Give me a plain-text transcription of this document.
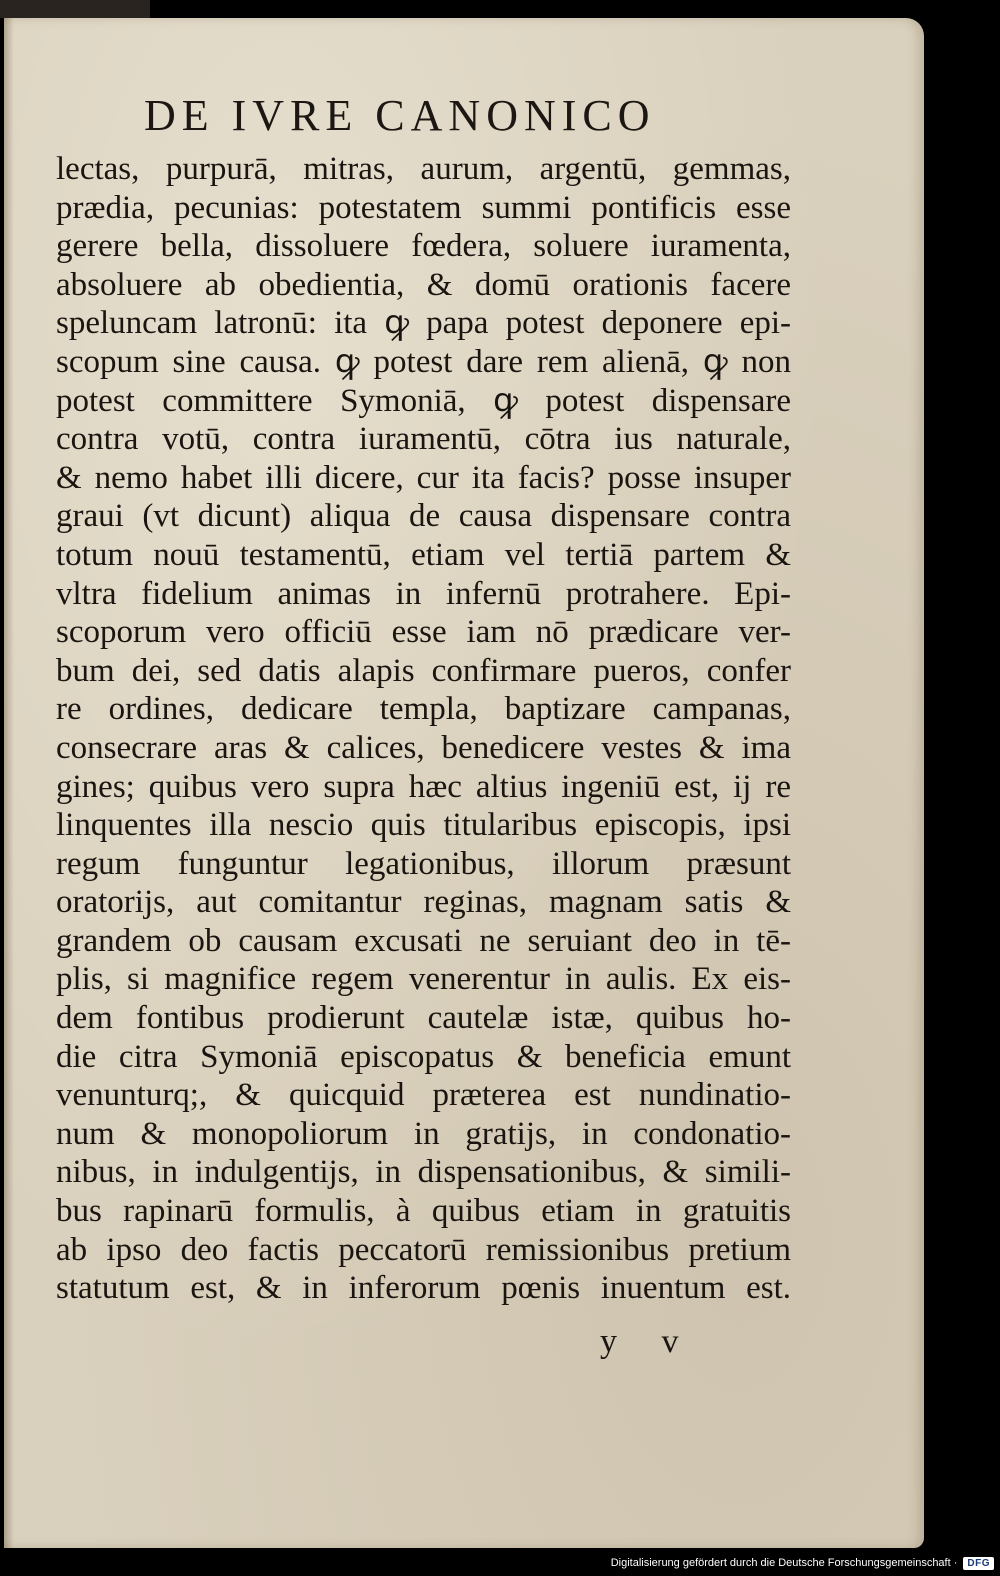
DE IVRE CANONICO
lectas, purpurā, mitras, aurum, argentū, gemmas,
prædia, pecunias: potestatem summi pontificis esse
gerere bella, dissoluere fœdera, soluere iuramenta,
absoluere ab obedientia, & domū orationis facere
speluncam latronū: ita ꝙ papa potest deponere epi-
scopum sine causa. ꝙ potest dare rem alienā, ꝙ non
potest committere Symoniā, ꝙ potest dispensare
contra votū, contra iuramentū, cōtra ius naturale,
& nemo habet illi dicere, cur ita facis? posse insuper
graui (vt dicunt) aliqua de causa dispensare contra
totum nouū testamentū, etiam vel tertiā partem &
vltra fidelium animas in infernū protrahere. Epi-
scoporum vero officiū esse iam nō prædicare ver-
bum dei, sed datis alapis confirmare pueros, confer
re ordines, dedicare templa, baptizare campanas,
consecrare aras & calices, benedicere vestes & ima
gines; quibus vero supra hæc altius ingeniū est, ij re
linquentes illa nescio quis titularibus episcopis, ipsi
regum funguntur legationibus, illorum præsunt
oratorijs, aut comitantur reginas, magnam satis &
grandem ob causam excusati ne seruiant deo in tē-
plis, si magnifice regem venerentur in aulis. Ex eis-
dem fontibus prodierunt cautelæ istæ, quibus ho-
die citra Symoniā episcopatus & beneficia emunt
venunturq;, & quicquid præterea est nundinatio-
num & monopoliorum in gratijs, in condonatio-
nibus, in indulgentijs, in dispensationibus, & simili-
bus rapinarū formulis, à quibus etiam in gratuitis
ab ipso deo factis peccatorū remissionibus pretium
statutum est, & in inferorum pœnis inuentum est.
y v
Digitalisierung gefördert durch die Deutsche Forschungsgemeinschaft ·	DFG
